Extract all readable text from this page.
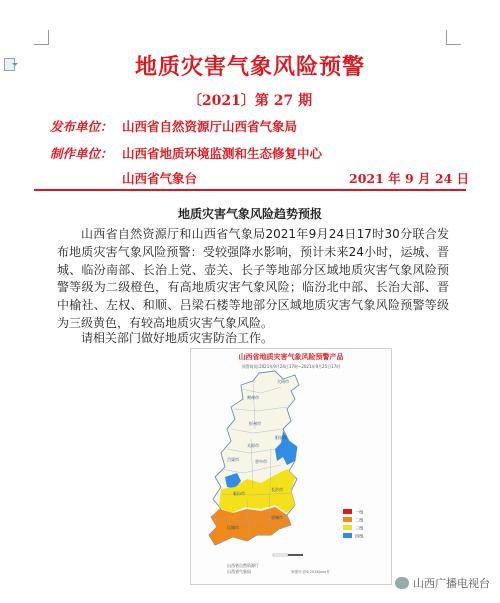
地质灾害气象风险预警
〔2021〕第 27 期
发布单位： 山西省自然资源厅山西省气象局
制作单位： 山西省地质环境监测和生态修复中心
山西省气象台	2021 年 9 月 24 日
地质灾害气象风险趋势预报

山西省自然资源厅和山西省气象局2021年9月24日17时30分联合发布地质灾害气象风险预警：受较强降水影响，预计未来24小时，运城、晋城、临汾南部、长治上党、壶关、长子等地部分区域地质灾害气象风险预警等级为二级橙色，有高地质灾害气象风险；临汾北中部、长治大部、晋中榆社、左权、和顺、吕梁石楼等地部分区域地质灾害气象风险预警等级为三级黄色，有较高地质灾害气象风险。

请相关部门做好地质灾害防治工作。

山西省地质灾害气象风险预警产品
预警时间:2021年9月24日17时~2021年9月25日17时
大同市
朔州市
忻州市
阳泉市
太原市
晋中市
吕梁市
临汾市
长治市
晋城市
运城市
一级
二级
三级
四级
山西省自然资源厅
山西省气象局	审图号:晋S(2018)xxx号
山西广播电视台
